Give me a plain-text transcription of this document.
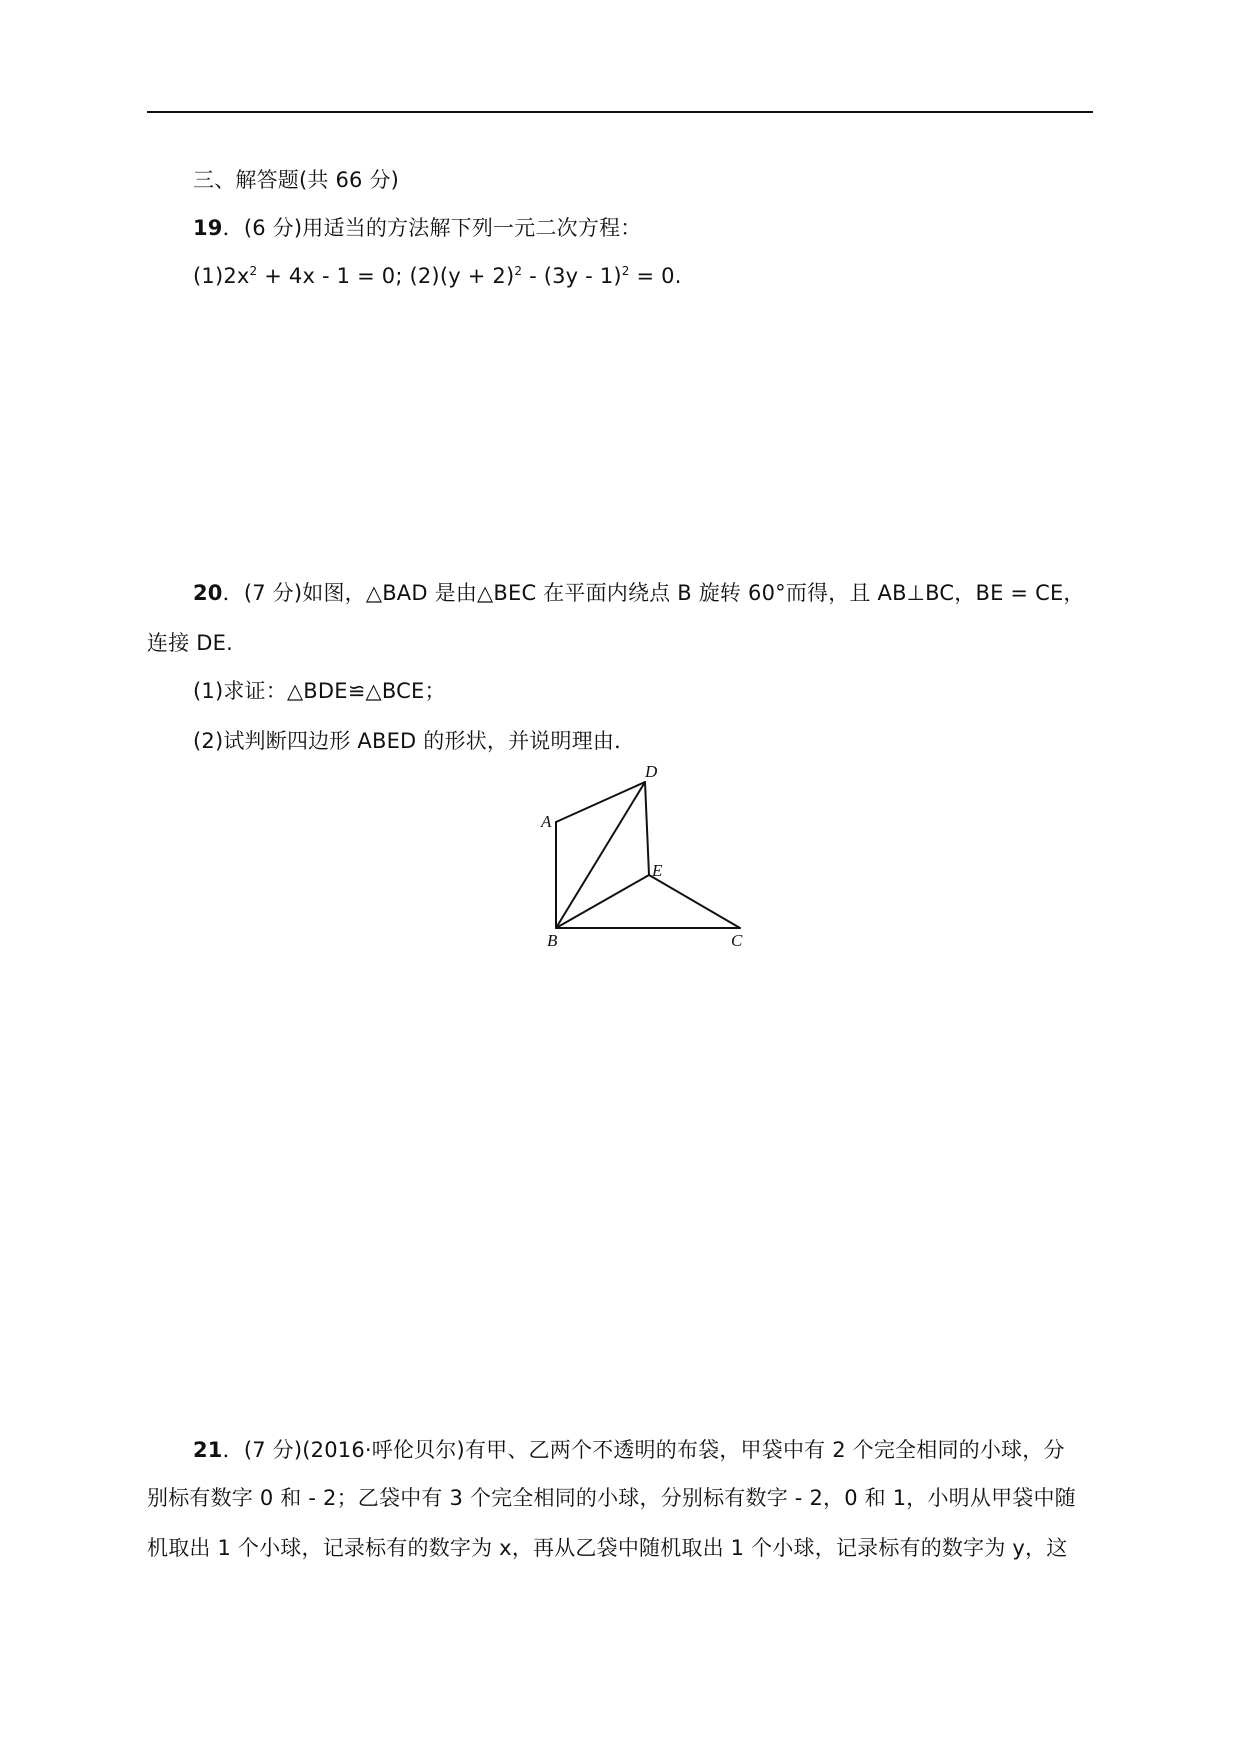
三、解答题(共 66 分)
19．(6 分)用适当的方法解下列一元二次方程：
$(1)2x^2 + 4x - 1 = 0$; $(2)(y + 2)^2 - (3y - 1)^2 = 0$.
20．(7 分)如图，△BAD 是由△BEC 在平面内绕点 B 旋转 60°而得，且 AB⊥BC，BE = CE，
连接 DE.
(1)求证：△BDE≌△BCE；
(2)试判断四边形 ABED 的形状，并说明理由．
A
D
E
B	C
21．(7 分)(2016·呼伦贝尔)有甲、乙两个不透明的布袋，甲袋中有 2 个完全相同的小球，分
别标有数字 0 和 - 2；乙袋中有 3 个完全相同的小球，分别标有数字 - 2，0 和 1，小明从甲袋中随
机取出 1 个小球，记录标有的数字为 x，再从乙袋中随机取出 1 个小球，记录标有的数字为 y，这
